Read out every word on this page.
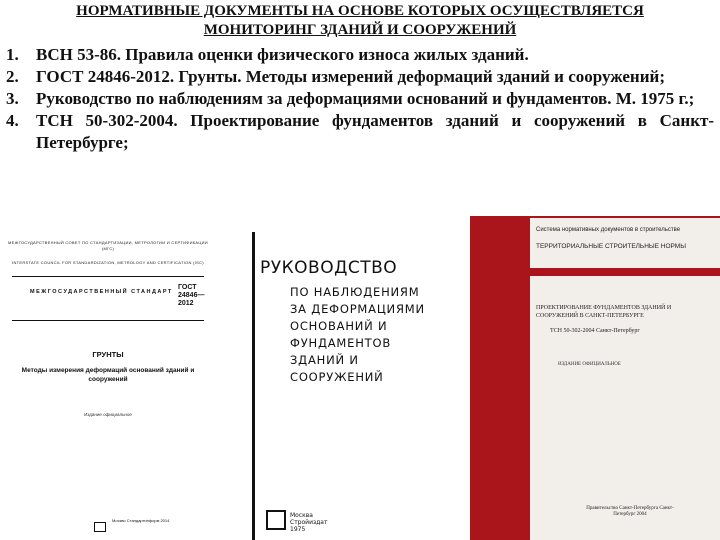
НОРМАТИВНЫЕ ДОКУМЕНТЫ НА ОСНОВЕ КОТОРЫХ ОСУЩЕСТВЛЯЕТСЯ МОНИТОРИНГ ЗДАНИЙ И СООРУЖЕНИЙ
1. ВСН 53-86. Правила оценки физического износа жилых зданий.
2. ГОСТ 24846-2012. Грунты. Методы измерений деформаций зданий и сооружений;
3. Руководство по наблюдениям за деформациями оснований и фундаментов. М. 1975 г.;
4. ТСН 50-302-2004. Проектирование фундаментов зданий и сооружений в Санкт-Петербурге;
МЕЖГОСУДАРСТВЕННЫЙ СОВЕТ ПО СТАНДАРТИЗАЦИИ, МЕТРОЛОГИИ И СЕРТИФИКАЦИИ (МГС)
INTERSTATE COUNCIL FOR STANDARDIZATION, METROLOGY AND CERTIFICATION (ISC)
МЕЖГОСУДАРСТВЕННЫЙ СТАНДАРТ
ГОСТ 24846— 2012
ГРУНТЫ
Методы измерения деформаций оснований зданий и сооружений
Издание официальное
Москво Стандартинформ 2014
РУКОВОДСТВО
ПО НАБЛЮДЕНИЯМ ЗА ДЕФОРМАЦИЯМИ ОСНОВАНИЙ И ФУНДАМЕНТОВ ЗДАНИЙ И СООРУЖЕНИЙ
Москва Стройиздат 1975
Система нормативных документов в строительстве
ТЕРРИТОРИАЛЬНЫЕ СТРОИТЕЛЬНЫЕ НОРМЫ
ПРОЕКТИРОВАНИЕ ФУНДАМЕНТОВ ЗДАНИЙ И СООРУЖЕНИЙ В САНКТ-ПЕТЕРБУРГЕ
ТСН 50-302-2004 Санкт-Петербург
ИЗДАНИЕ ОФИЦИАЛЬНОЕ
Правительство Санкт-Петербурга Санкт-Петербург 2004
